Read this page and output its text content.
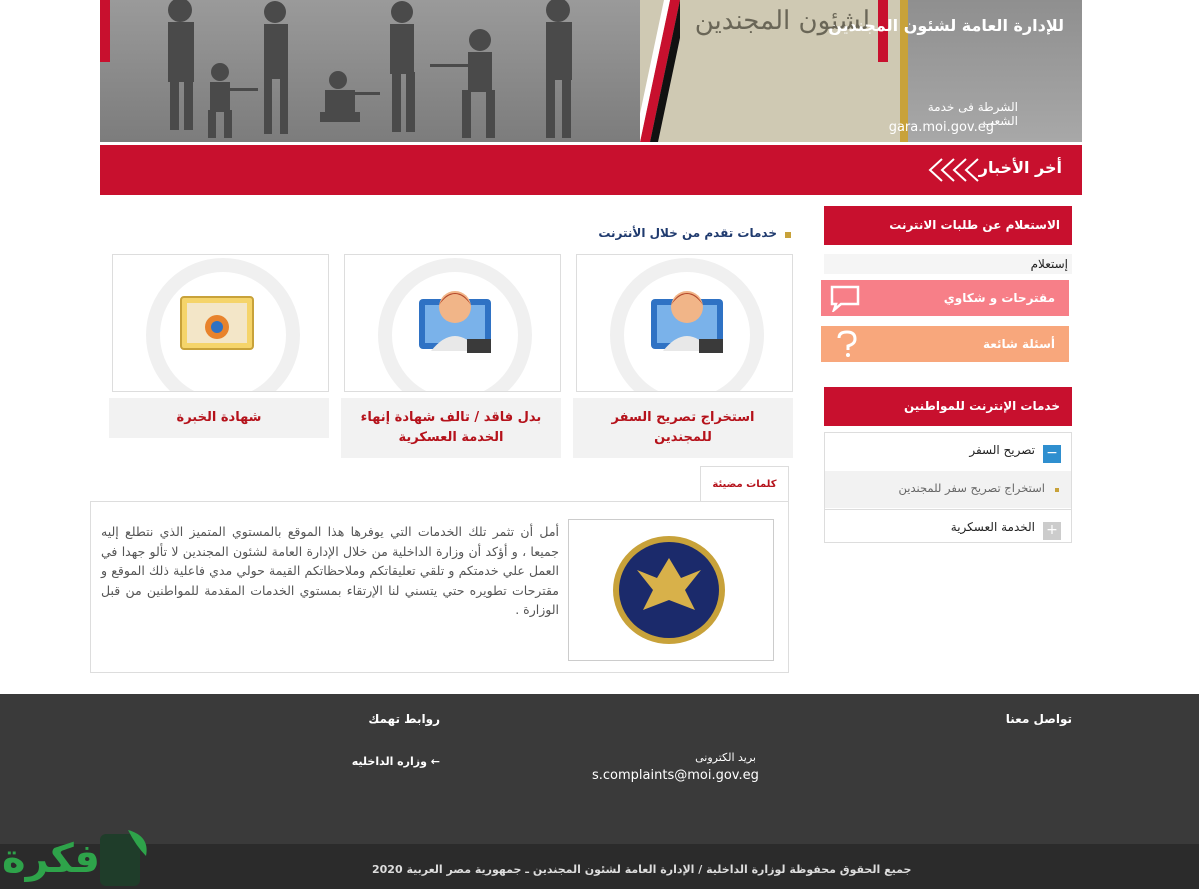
لشئون المجندين
للإدارة العامة لشئون المجندين
الشرطة فى خدمة الشعب
gara.moi.gov.eg
أخر الأخبار
خدمات تقدم من خلال الأنترنت
استخراج تصريح السفر للمجندين
بدل فاقد / تالف شهادة إنهاء الخدمة العسكرية
شهادة الخبرة
كلمات مضيئة
أمل أن تثمر تلك الخدمات التي يوفرها هذا الموقع بالمستوي المتميز الذي نتطلع إليه جميعا ، و أؤكد أن وزارة الداخلية من خلال الإدارة العامة لشئون المجندين لا تألو جهدا في العمل علي خدمتكم و تلقي تعليقاتكم وملاحظاتكم القيمة حولي مدي فاعلية ذلك الموقع و مقترحات تطويره حتي يتسني لنا الإرتقاء بمستوي الخدمات المقدمة للمواطنين من قبل الوزارة .
الاستعلام عن طلبات الانترنت
إستعلام
مقترحات و شكاوي
أسئلة شائعة
خدمات الإنترنت للمواطنين
−
تصريح السفر
استخراج تصريح سفر للمجندين
+
الخدمة العسكرية
تواصل معنا
بريد الكترونى
s.complaints@moi.gov.eg
روابط تهمك
← وزاره الداخليه
جميع الحقوق محفوظة لوزارة الداخلية / الإدارة العامة لشئون المجندين ـ جمهورية مصر العربية 2020
فكرة
